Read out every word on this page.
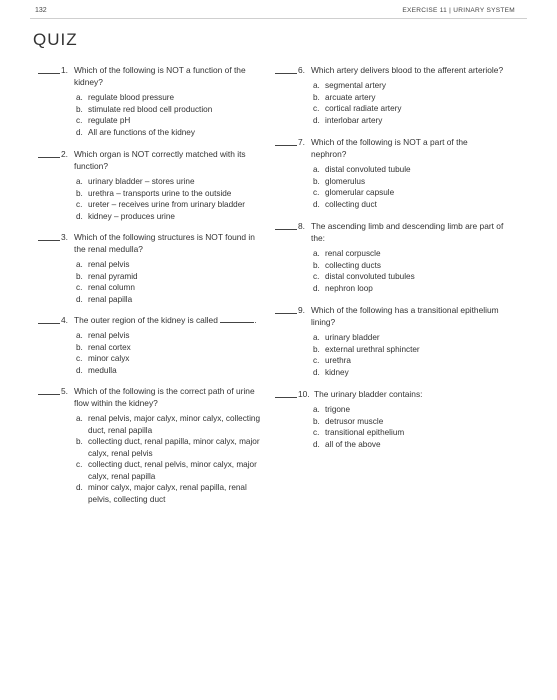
132	EXERCISE 11 | URINARY SYSTEM
QUIZ
1. Which of the following is NOT a function of the kidney?
a. regulate blood pressure
b. stimulate red blood cell production
c. regulate pH
d. All are functions of the kidney
2. Which organ is NOT correctly matched with its function?
a. urinary bladder – stores urine
b. urethra – transports urine to the outside
c. ureter – receives urine from urinary bladder
d. kidney – produces urine
3. Which of the following structures is NOT found in the renal medulla?
a. renal pelvis
b. renal pyramid
c. renal column
d. renal papilla
4. The outer region of the kidney is called	.
a. renal pelvis
b. renal cortex
c. minor calyx
d. medulla
5. Which of the following is the correct path of urine flow within the kidney?
a. renal pelvis, major calyx, minor calyx, collecting duct, renal papilla
b. collecting duct, renal papilla, minor calyx, major calyx, renal pelvis
c. collecting duct, renal pelvis, minor calyx, major calyx, renal papilla
d. minor calyx, major calyx, renal papilla, renal pelvis, collecting duct
6. Which artery delivers blood to the afferent arteriole?
a. segmental artery
b. arcuate artery
c. cortical radiate artery
d. interlobar artery
7. Which of the following is NOT a part of the nephron?
a. distal convoluted tubule
b. glomerulus
c. glomerular capsule
d. collecting duct
8. The ascending limb and descending limb are part of the:
a. renal corpuscle
b. collecting ducts
c. distal convoluted tubules
d. nephron loop
9. Which of the following has a transitional epithelium lining?
a. urinary bladder
b. external urethral sphincter
c. urethra
d. kidney
10. The urinary bladder contains:
a. trigone
b. detrusor muscle
c. transitional epithelium
d. all of the above
